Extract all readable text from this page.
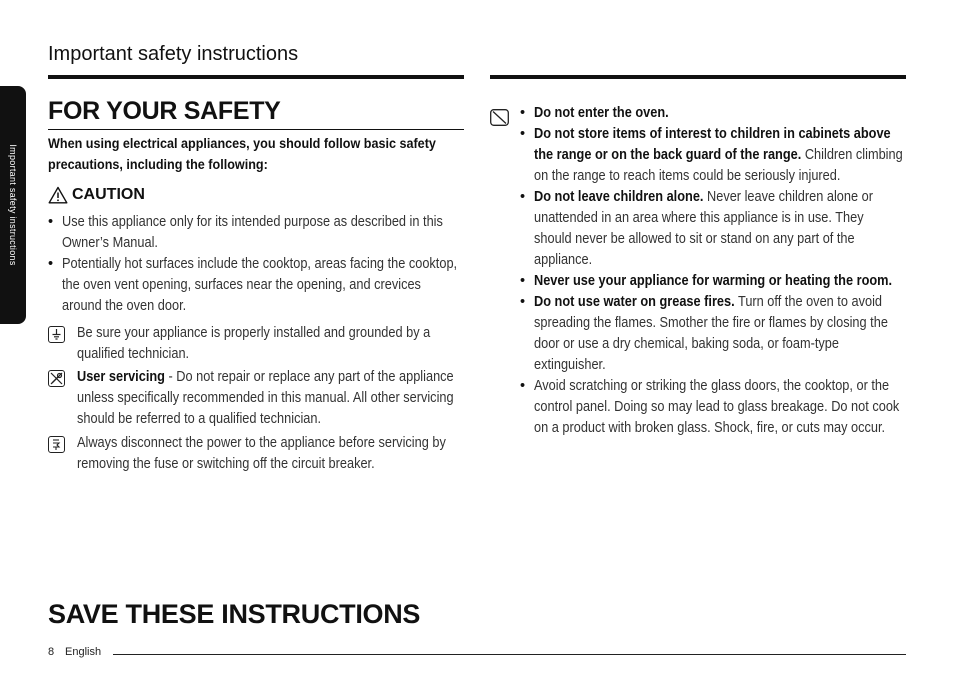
Important safety instructions
Important safety instructions
FOR YOUR SAFETY
When using electrical appliances, you should follow basic safety precautions, including the following:
CAUTION
• Use this appliance only for its intended purpose as described in this Owner’s Manual.
• Potentially hot surfaces include the cooktop, areas facing the cooktop, the oven vent opening, surfaces near the opening, and crevices around the oven door.
Be sure your appliance is properly installed and grounded by a qualified technician.
User servicing - Do not repair or replace any part of the appliance unless specifically recommended in this manual. All other servicing should be referred to a qualified technician.
Always disconnect the power to the appliance before servicing by removing the fuse or switching off the circuit breaker.
• Do not enter the oven.
• Do not store items of interest to children in cabinets above the range or on the back guard of the range. Children climbing on the range to reach items could be seriously injured.
• Do not leave children alone. Never leave children alone or unattended in an area where this appliance is in use. They should never be allowed to sit or stand on any part of the appliance.
• Never use your appliance for warming or heating the room.
• Do not use water on grease fires. Turn off the oven to avoid spreading the flames. Smother the fire or flames by closing the door or use a dry chemical, baking soda, or foam-type extinguisher.
• Avoid scratching or striking the glass doors, the cooktop, or the control panel. Doing so may lead to glass breakage. Do not cook on a product with broken glass. Shock, fire, or cuts may occur.
SAVE THESE INSTRUCTIONS
8 English
